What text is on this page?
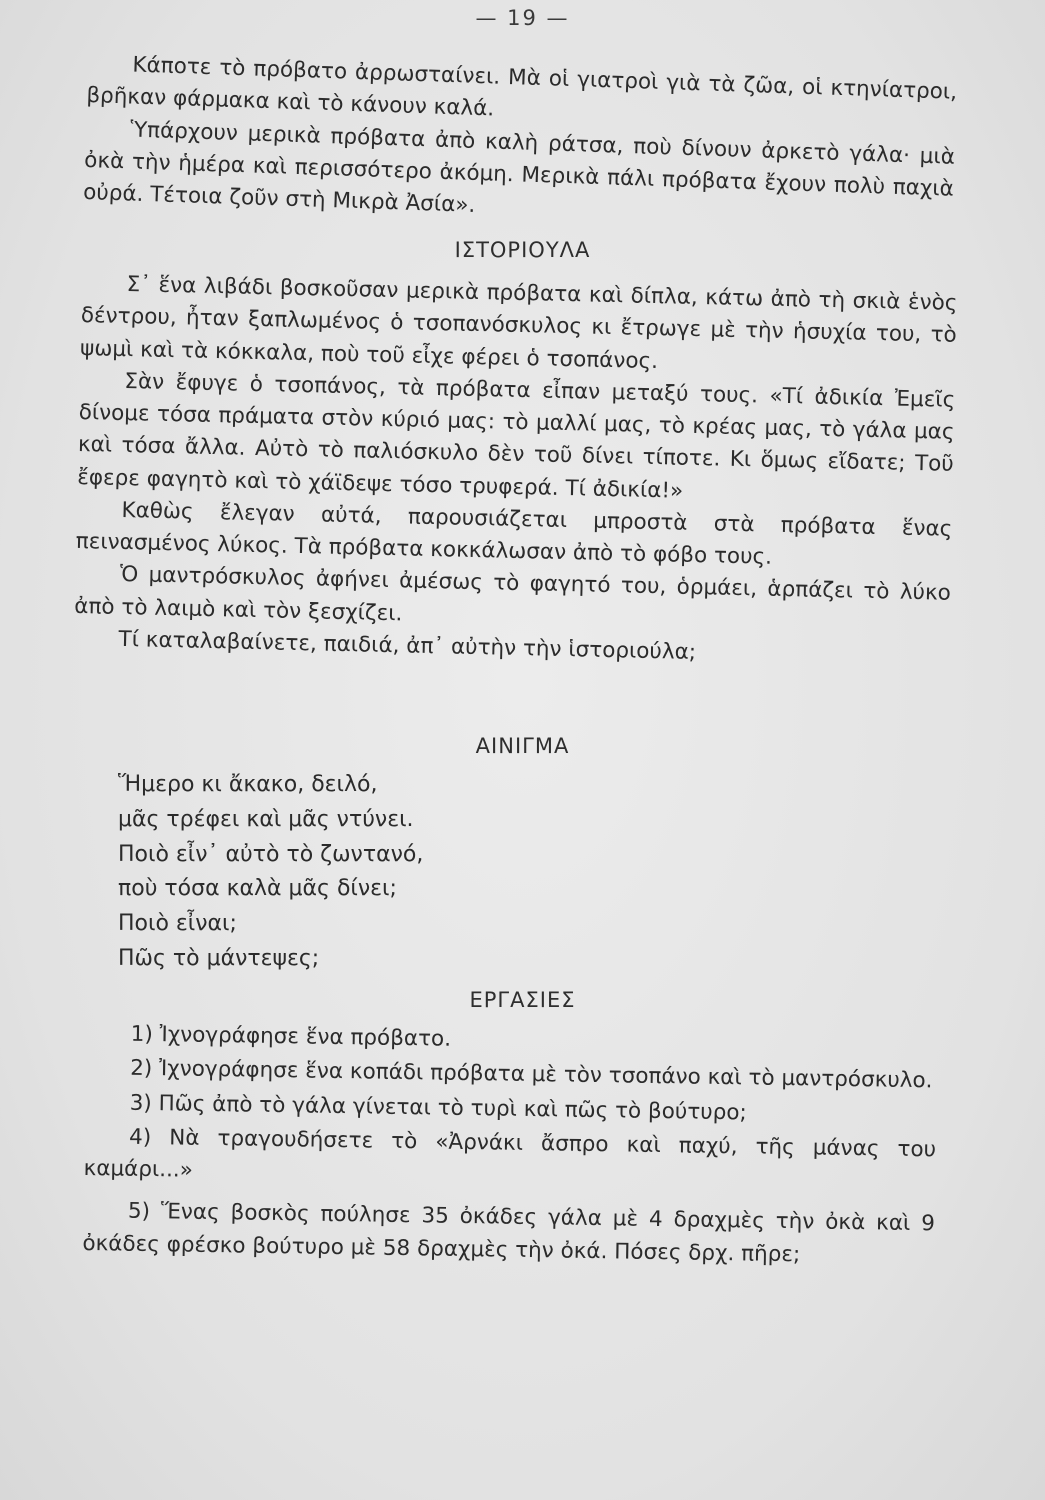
— 19 —

Κάποτε τὸ πρόβατο ἀρρωσταίνει. Μὰ οἱ γιατροὶ γιὰ τὰ ζῶα, οἱ κτηνίατροι, βρῆκαν φάρμακα καὶ τὸ κάνουν καλά.

Ὑπάρχουν μερικὰ πρόβατα ἀπὸ καλὴ ράτσα, ποὺ δίνουν ἀρκετὸ γάλα· μιὰ ὀκὰ τὴν ἡμέρα καὶ περισσότερο ἀκόμη. Μερικὰ πάλι πρόβατα ἔχουν πολὺ παχιὰ οὐρά. Τέτοια ζοῦν στὴ Μικρὰ Ἀσία».

ΙΣΤΟΡΙΟΥΛΑ

Σ᾿ ἕνα λιβάδι βοσκοῦσαν μερικὰ πρόβατα καὶ δίπλα, κάτω ἀπὸ τὴ σκιὰ ἑνὸς δέντρου, ἦταν ξαπλωμένος ὁ τσοπανόσκυλος κι ἔτρωγε μὲ τὴν ἡσυχία του, τὸ ψωμὶ καὶ τὰ κόκκαλα, ποὺ τοῦ εἶχε φέρει ὁ τσοπάνος.

Σὰν ἔφυγε ὁ τσοπάνος, τὰ πρόβατα εἶπαν μεταξύ τους. «Τί ἀδικία Ἐμεῖς δίνομε τόσα πράματα στὸν κύριό μας: τὸ μαλλί μας, τὸ κρέας μας, τὸ γάλα μας καὶ τόσα ἄλλα. Αὐτὸ τὸ παλιόσκυλο δὲν τοῦ δίνει τίποτε. Κι ὅμως εἴδατε; Τοῦ ἔφερε φαγητὸ καὶ τὸ χάϊδεψε τόσο τρυφερά. Τί ἀδικία!»

Καθὼς ἔλεγαν αὐτά, παρουσιάζεται μπροστὰ στὰ πρόβατα ἕνας πεινασμένος λύκος. Τὰ πρόβατα κοκκάλωσαν ἀπὸ τὸ φόβο τους.

Ὁ μαντρόσκυλος ἀφήνει ἀμέσως τὸ φαγητό του, ὁρμάει, ἁρπάζει τὸ λύκο ἀπὸ τὸ λαιμὸ καὶ τὸν ξεσχίζει.

Τί καταλαβαίνετε, παιδιά, ἀπ᾿ αὐτὴν τὴν ἱστοριούλα;

ΑΙΝΙΓΜΑ
Ἥμερο κι ἄκακο, δειλό,
μᾶς τρέφει καὶ μᾶς ντύνει.
Ποιὸ εἶν᾿ αὐτὸ τὸ ζωντανό,
ποὺ τόσα καλὰ μᾶς δίνει;
Ποιὸ εἶναι;
Πῶς τὸ μάντεψες;
ΕΡΓΑΣΙΕΣ

1) Ἰχνογράφησε ἕνα πρόβατο.

2) Ἰχνογράφησε ἕνα κοπάδι πρόβατα μὲ τὸν τσοπάνο καὶ τὸ μαντρόσκυλο.

3) Πῶς ἀπὸ τὸ γάλα γίνεται τὸ τυρὶ καὶ πῶς τὸ βούτυρο;

4) Νὰ τραγουδήσετε τὸ «Ἀρνάκι ἄσπρο καὶ παχύ, τῆς μάνας του καμάρι...»

5) Ἕνας βοσκὸς πούλησε 35 ὀκάδες γάλα μὲ 4 δραχμὲς τὴν ὀκὰ καὶ 9 ὀκάδες φρέσκο βούτυρο μὲ 58 δραχμὲς τὴν ὀκά. Πόσες δρχ. πῆρε;
